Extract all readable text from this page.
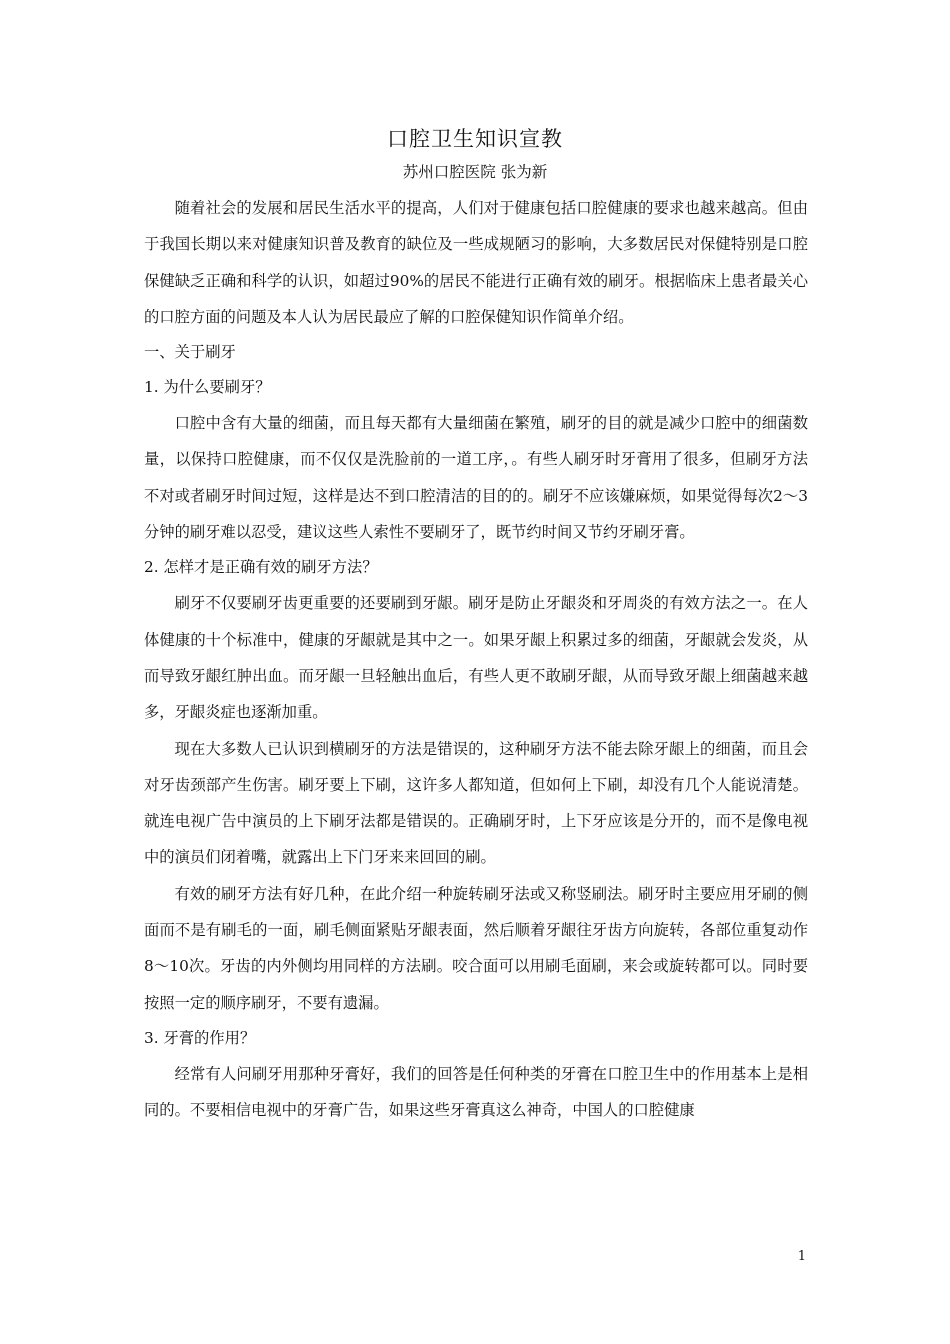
口腔卫生知识宣教

苏州口腔医院 张为新

随着社会的发展和居民生活水平的提高，人们对于健康包括口腔健康的要求也越来越高。但由于我国长期以来对健康知识普及教育的缺位及一些成规陋习的影响，大多数居民对保健特别是口腔保健缺乏正确和科学的认识，如超过90%的居民不能进行正确有效的刷牙。根据临床上患者最关心的口腔方面的问题及本人认为居民最应了解的口腔保健知识作简单介绍。

一、关于刷牙

1. 为什么要刷牙？

口腔中含有大量的细菌，而且每天都有大量细菌在繁殖，刷牙的目的就是减少口腔中的细菌数量，以保持口腔健康，而不仅仅是洗脸前的一道工序，。有些人刷牙时牙膏用了很多，但刷牙方法不对或者刷牙时间过短，这样是达不到口腔清洁的目的的。刷牙不应该嫌麻烦，如果觉得每次2～3分钟的刷牙难以忍受，建议这些人索性不要刷牙了，既节约时间又节约牙刷牙膏。

2. 怎样才是正确有效的刷牙方法？

刷牙不仅要刷牙齿更重要的还要刷到牙龈。刷牙是防止牙龈炎和牙周炎的有效方法之一。在人体健康的十个标准中，健康的牙龈就是其中之一。如果牙龈上积累过多的细菌，牙龈就会发炎，从而导致牙龈红肿出血。而牙龈一旦轻触出血后，有些人更不敢刷牙龈，从而导致牙龈上细菌越来越多，牙龈炎症也逐渐加重。

现在大多数人已认识到横刷牙的方法是错误的，这种刷牙方法不能去除牙龈上的细菌，而且会对牙齿颈部产生伤害。刷牙要上下刷，这许多人都知道，但如何上下刷，却没有几个人能说清楚。就连电视广告中演员的上下刷牙法都是错误的。正确刷牙时，上下牙应该是分开的，而不是像电视中的演员们闭着嘴，就露出上下门牙来来回回的刷。

有效的刷牙方法有好几种，在此介绍一种旋转刷牙法或又称竖刷法。刷牙时主要应用牙刷的侧面而不是有刷毛的一面，刷毛侧面紧贴牙龈表面，然后顺着牙龈往牙齿方向旋转，各部位重复动作8～10次。牙齿的内外侧均用同样的方法刷。咬合面可以用刷毛面刷，来会或旋转都可以。同时要按照一定的顺序刷牙，不要有遗漏。

3. 牙膏的作用？

经常有人问刷牙用那种牙膏好，我们的回答是任何种类的牙膏在口腔卫生中的作用基本上是相同的。不要相信电视中的牙膏广告，如果这些牙膏真这么神奇，中国人的口腔健康

1
